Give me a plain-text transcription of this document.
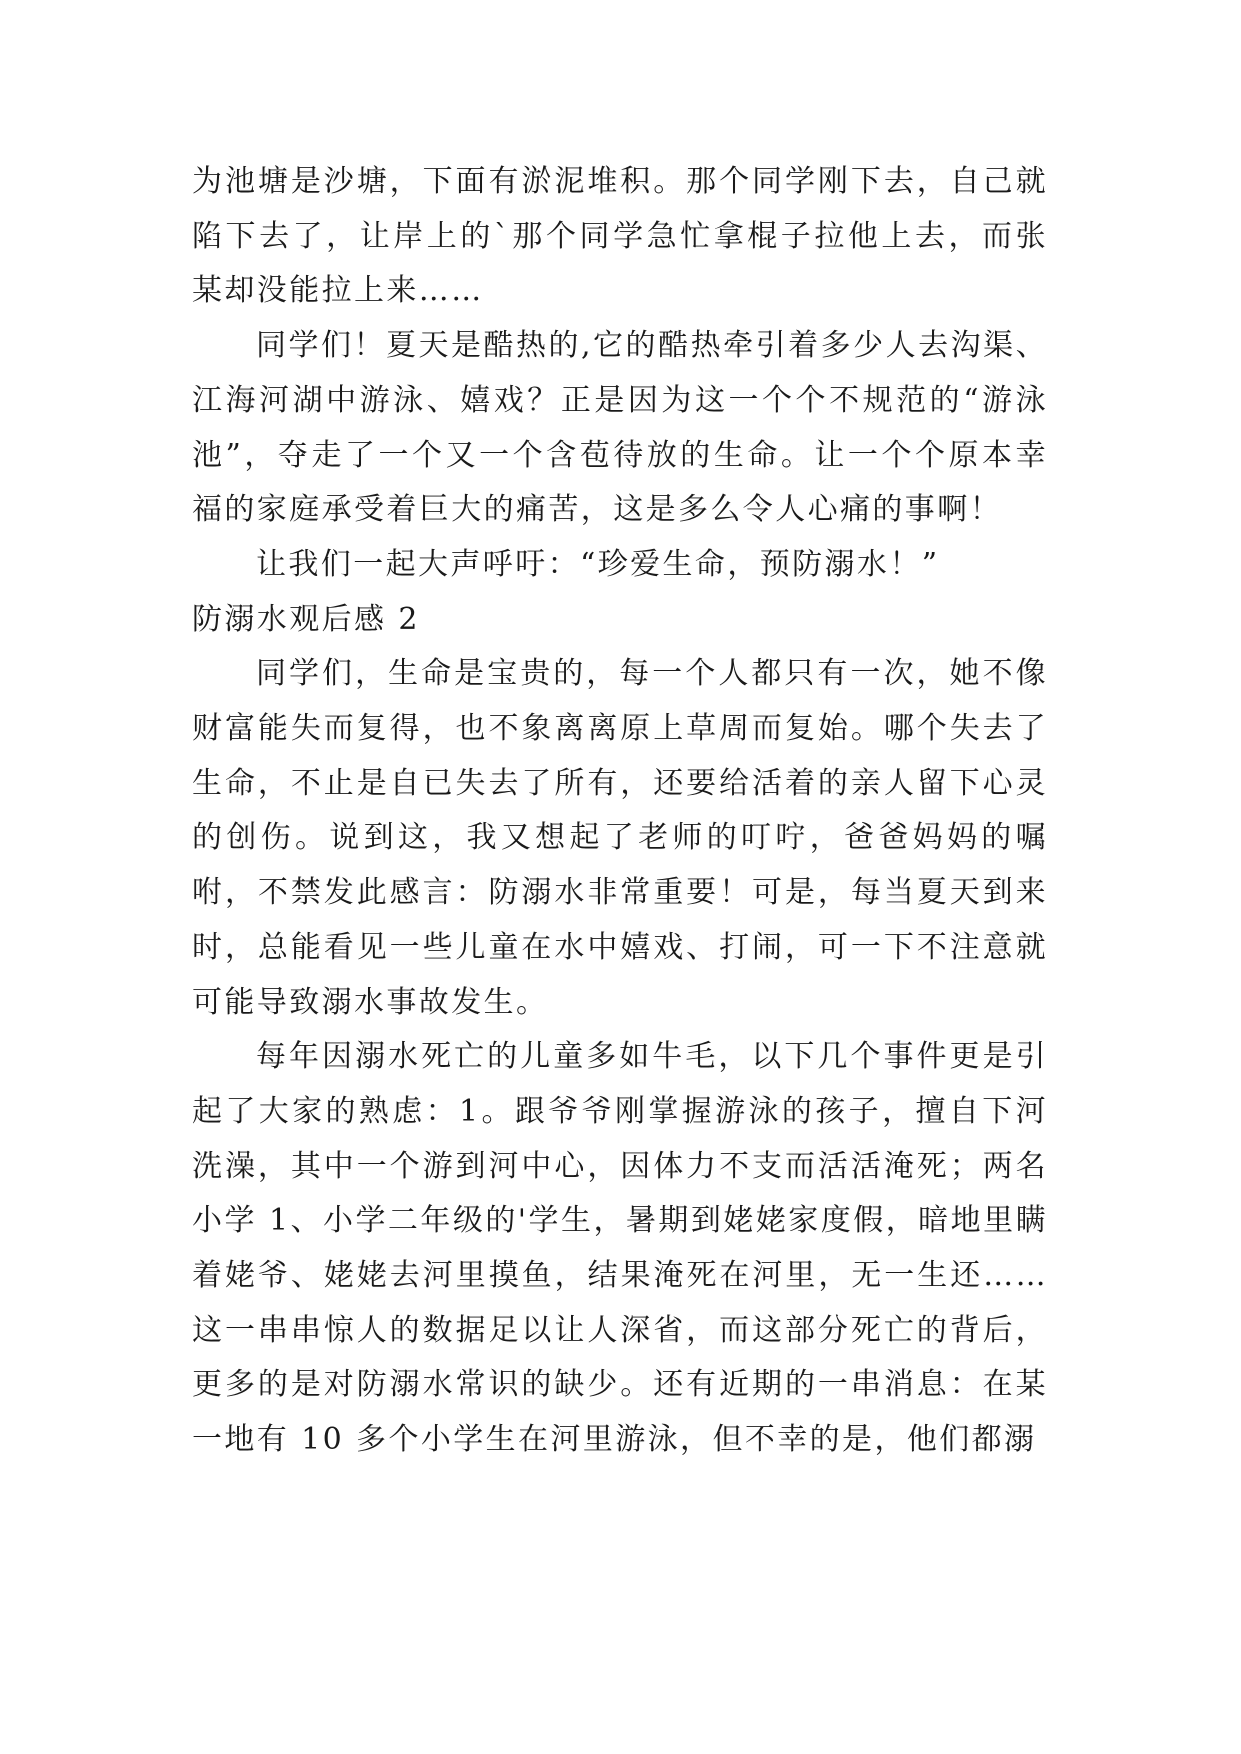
为池塘是沙塘，下面有淤泥堆积。那个同学刚下去，自己就陷下去了，让岸上的`那个同学急忙拿棍子拉他上去，而张某却没能拉上来……

同学们！夏天是酷热的,它的酷热牵引着多少人去沟渠、江海河湖中游泳、嬉戏？正是因为这一个个不规范的“游泳池”，夺走了一个又一个含苞待放的生命。让一个个原本幸福的家庭承受着巨大的痛苦，这是多么令人心痛的事啊！

让我们一起大声呼吁：“珍爱生命，预防溺水！”

防溺水观后感 2

同学们，生命是宝贵的，每一个人都只有一次，她不像财富能失而复得，也不象离离原上草周而复始。哪个失去了生命，不止是自已失去了所有，还要给活着的亲人留下心灵的创伤。说到这，我又想起了老师的叮咛，爸爸妈妈的嘱咐，不禁发此感言：防溺水非常重要！可是，每当夏天到来时，总能看见一些儿童在水中嬉戏、打闹，可一下不注意就可能导致溺水事故发生。

每年因溺水死亡的儿童多如牛毛，以下几个事件更是引起了大家的熟虑：1。跟爷爷刚掌握游泳的孩子，擅自下河洗澡，其中一个游到河中心，因体力不支而活活淹死；两名小学 1、小学二年级的'学生，暑期到姥姥家度假，暗地里瞒着姥爷、姥姥去河里摸鱼，结果淹死在河里，无一生还……这一串串惊人的数据足以让人深省，而这部分死亡的背后，更多的是对防溺水常识的缺少。还有近期的一串消息：在某一地有 10 多个小学生在河里游泳，但不幸的是，他们都溺
